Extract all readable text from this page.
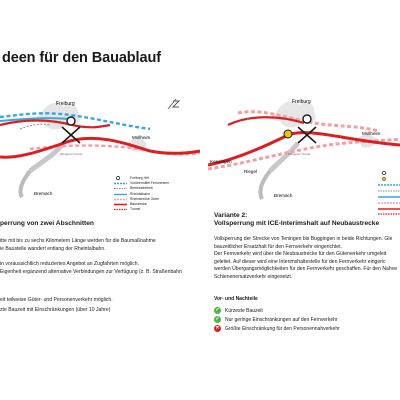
deen für den Bauablauf
Freiburg
Müllheim
Bremach
Wengener Tunnel
Freiburg Hbf
Vorübermittel Fernverkehr
Betriebsfreiheit
Rheintalbahn
Rheinstrecke Güter
Baustrecke
Tunnel
Freiburg
Müllheim
Bremach
Kenzingen
Riegel
Wengener Tunnel
perrung von zwei Abschnitten
itte mit bis zu sechs Kilometern Länge werden für die Baumaßnahme
ie Baustelle wandert entlang der Rheintalbahn.
in voraussichtlich reduziertes Angebot an Zugfahrten möglich.
Eigenheit ergänzend alternative Verbindungen zur Verfügung (z. B. Straßenbahn
eit teilweise Güter- und Personenverkehr möglich.
zte Bauzeit mit Einschränkungen (über 10 Jahre)
Variante 2:
Vollsperrung mit ICE-Interimshalt auf Neubaustrecke
Vollsperrung der Strecke von Teningen bis Buggingen in beide Richtungen. Gle
bauzeitlicher Ersatzhalt für den Fernverkehr eingerichtet.
Der Fernverkehr wird über die Neubaustrecke für den Güterverkehr umgeleit
geleitet. Auf dieser wird eine Interimshaltestelle für den Fernverkehr eingeric
werden Übergangsmöglichkeiten für den Fernverkehr geschaffen. Für den Nahve
Schienenersatzverkehr eingesetzt.
Vor- und Nachteile
✓ Kürzeste Bauzeit
✓ Nur geringe Einschränkungen auf den Fernverkehr
✕ Größte Einschränkung für den Personennahverkehr
